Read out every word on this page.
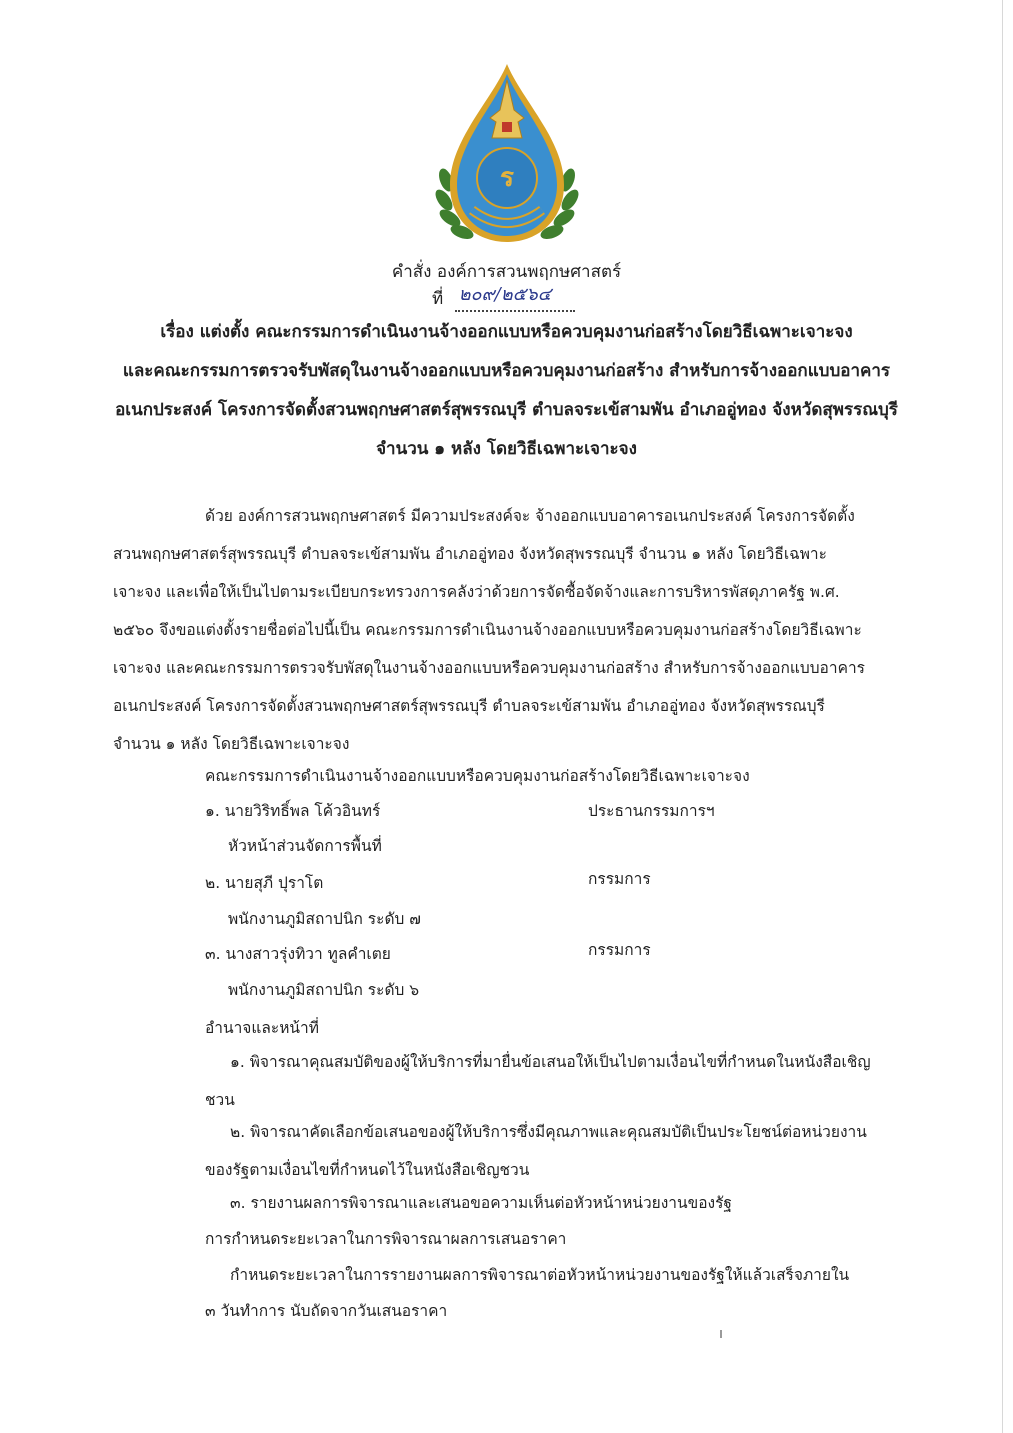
ร
คำสั่ง องค์การสวนพฤกษศาสตร์
ที่ ๒๐๙/๒๕๖๔
เรื่อง แต่งตั้ง คณะกรรมการดำเนินงานจ้างออกแบบหรือควบคุมงานก่อสร้างโดยวิธีเฉพาะเจาะจง
และคณะกรรมการตรวจรับพัสดุในงานจ้างออกแบบหรือควบคุมงานก่อสร้าง สำหรับการจ้างออกแบบอาคาร
อเนกประสงค์ โครงการจัดตั้งสวนพฤกษศาสตร์สุพรรณบุรี ตำบลจระเข้สามพัน อำเภออู่ทอง จังหวัดสุพรรณบุรี
จำนวน ๑ หลัง โดยวิธีเฉพาะเจาะจง
ด้วย องค์การสวนพฤกษศาสตร์ มีความประสงค์จะ จ้างออกแบบอาคารอเนกประสงค์ โครงการจัดตั้ง
สวนพฤกษศาสตร์สุพรรณบุรี ตำบลจระเข้สามพัน อำเภออู่ทอง จังหวัดสุพรรณบุรี จำนวน ๑ หลัง โดยวิธีเฉพาะ
เจาะจง และเพื่อให้เป็นไปตามระเบียบกระทรวงการคลังว่าด้วยการจัดซื้อจัดจ้างและการบริหารพัสดุภาครัฐ พ.ศ.
๒๕๖๐ จึงขอแต่งตั้งรายชื่อต่อไปนี้เป็น คณะกรรมการดำเนินงานจ้างออกแบบหรือควบคุมงานก่อสร้างโดยวิธีเฉพาะ
เจาะจง และคณะกรรมการตรวจรับพัสดุในงานจ้างออกแบบหรือควบคุมงานก่อสร้าง สำหรับการจ้างออกแบบอาคาร
อเนกประสงค์ โครงการจัดตั้งสวนพฤกษศาสตร์สุพรรณบุรี ตำบลจระเข้สามพัน อำเภออู่ทอง จังหวัดสุพรรณบุรี
จำนวน ๑ หลัง โดยวิธีเฉพาะเจาะจง
คณะกรรมการดำเนินงานจ้างออกแบบหรือควบคุมงานก่อสร้างโดยวิธีเฉพาะเจาะจง
๑. นายวิริทธิ์พล โค้วอินทร์	ประธานกรรมการฯ
หัวหน้าส่วนจัดการพื้นที่
๒. นายสุภี ปุราโต	กรรมการ
พนักงานภูมิสถาปนิก ระดับ ๗
๓. นางสาวรุ่งทิวา ทูลคำเตย	กรรมการ
พนักงานภูมิสถาปนิก ระดับ ๖
อำนาจและหน้าที่
๑. พิจารณาคุณสมบัติของผู้ให้บริการที่มายื่นข้อเสนอให้เป็นไปตามเงื่อนไขที่กำหนดในหนังสือเชิญ
ชวน
๒. พิจารณาคัดเลือกข้อเสนอของผู้ให้บริการซึ่งมีคุณภาพและคุณสมบัติเป็นประโยชน์ต่อหน่วยงาน
ของรัฐตามเงื่อนไขที่กำหนดไว้ในหนังสือเชิญชวน
๓. รายงานผลการพิจารณาและเสนอขอความเห็นต่อหัวหน้าหน่วยงานของรัฐ
การกำหนดระยะเวลาในการพิจารณาผลการเสนอราคา
กำหนดระยะเวลาในการรายงานผลการพิจารณาต่อหัวหน้าหน่วยงานของรัฐให้แล้วเสร็จภายใน
๓ วันทำการ นับถัดจากวันเสนอราคา
